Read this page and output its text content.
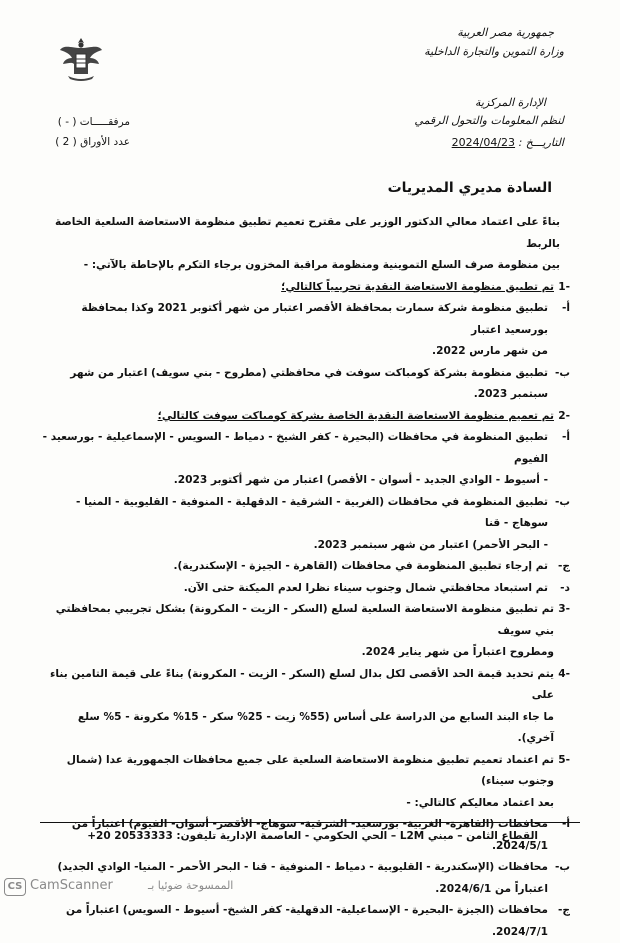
جمهورية مصر العربية
وزارة التموين والتجارة الداخلية
الإدارة المركزية
لنظم المعلومات والتحول الرقمي
التاريـــخ : 2024/04/23
مرفقـــــات ( - )
عدد الأوراق ( 2 )
السادة مديري المديريات
بناءً على اعتماد معالي الدكتور الوزير على مقترح تعميم تطبيق منظومة الاستعاضة السلعية الخاصة بالربط
بين منظومة صرف السلع التموينية ومنظومة مراقبة المخزون برجاء التكرم بالإحاطة بالآتي: -
-1
تم تطبيق منظومة الاستعاضة النقدية تجريبياً كالتالي؛
أ-
تطبيق منظومة شركة سمارت بمحافظة الأقصر اعتبار من شهر أكتوبر 2021 وكذا بمحافظة بورسعيد اعتبار
من شهر مارس 2022.
ب-
تطبيق منظومة بشركة كومباكت سوفت في محافظتي (مطروح - بني سويف) اعتبار من شهر سبتمبر 2023.
-2
تم تعميم منظومة الاستعاضة النقدية الخاصة بشركة كومباكت سوفت كالتالي؛
أ-
تطبيق المنظومة في محافظات (البحيرة - كفر الشيخ - دمياط - السويس - الإسماعيلية - بورسعيد - الفيوم
- أسيوط - الوادي الجديد - أسوان - الأقصر) اعتبار من شهر أكتوبر 2023.
ب-
تطبيق المنظومة في محافظات (الغربية - الشرقية - الدقهلية - المنوفية - القليوبية - المنيا - سوهاج - قنا
- البحر الأحمر) اعتبار من شهر سبتمبر 2023.
ج-
تم إرجاء تطبيق المنظومة في محافظات (القاهرة - الجيزة - الإسكندرية).
د-
تم استبعاد محافظتي شمال وجنوب سيناء نظرا لعدم الميكنة حتى الآن.
-3
تم تطبيق منظومة الاستعاضة السلعية لسلع (السكر - الزيت - المكرونة) بشكل تجريبي بمحافظتي بني سويف
ومطروح اعتباراً من شهر يناير 2024.
-4
يتم تحديد قيمة الحد الأقصى لكل بدال لسلع (السكر - الزيت - المكرونة) بناءً على قيمة التامين بناء على
ما جاء البند السابع من الدراسة على أساس (55% زيت - 25% سكر - 15% مكرونة - 5% سلع آخري).
-5
تم اعتماد تعميم تطبيق منظومة الاستعاضة السلعية على جميع محافظات الجمهورية عدا (شمال وجنوب سيناء)
بعد اعتماد معاليكم كالتالي: -
أ-
محافظات (القاهرة- الغربية- بورسعيد- الشرقية- سوهاج- الأقصر- أسوان- الفيوم) اعتباراً من 2024/5/1.
ب-
محافظات (الإسكندرية - القليوبية - دمياط - المنوفية - قنا - البحر الأحمر - المنيا- الوادي الجديد)
اعتباراً من 2024/6/1.
ج-
محافظات (الجيزة -البحيرة - الإسماعيلية- الدقهلية- كفر الشيخ- أسيوط - السويس) اعتباراً من 2024/7/1.
القطاع الثامن – مبني L2M – الحي الحكومي - العاصمة الإدارية تليفون: 20533333 20+
CS CamScanner	الممسوحة ضوئيا بـ
